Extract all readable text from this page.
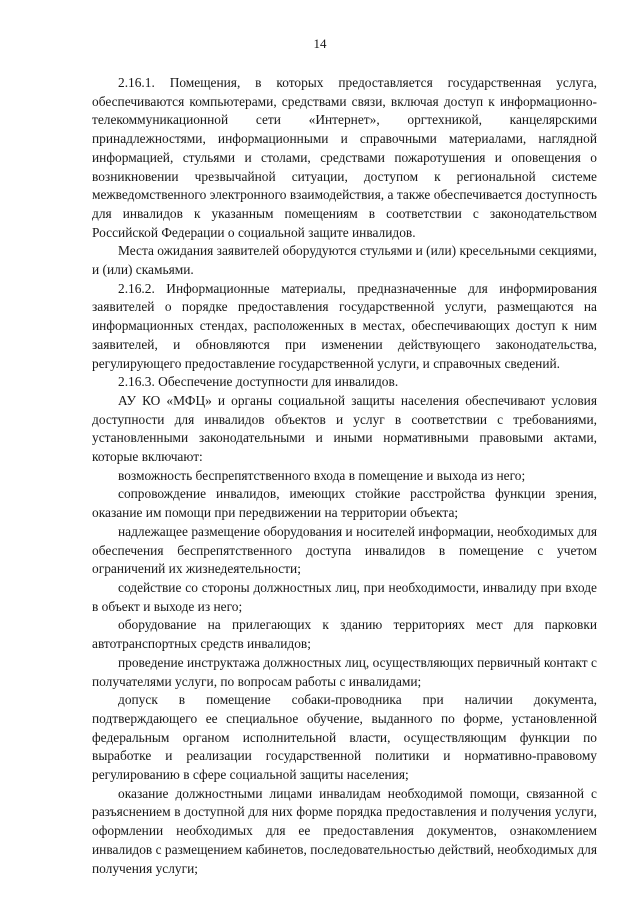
14

2.16.1. Помещения, в которых предоставляется государственная услуга, обеспечиваются компьютерами, средствами связи, включая доступ к информационно-телекоммуникационной сети «Интернет», оргтехникой, канцелярскими принадлежностями, информационными и справочными материалами, наглядной информацией, стульями и столами, средствами пожаротушения и оповещения о возникновении чрезвычайной ситуации, доступом к региональной системе межведомственного электронного взаимодействия, а также обеспечивается доступность для инвалидов к указанным помещениям в соответствии с законодательством Российской Федерации о социальной защите инвалидов.

Места ожидания заявителей оборудуются стульями и (или) кресельными секциями, и (или) скамьями.

2.16.2. Информационные материалы, предназначенные для информирования заявителей о порядке предоставления государственной услуги, размещаются на информационных стендах, расположенных в местах, обеспечивающих доступ к ним заявителей, и обновляются при изменении действующего законодательства, регулирующего предоставление государственной услуги, и справочных сведений.

2.16.3. Обеспечение доступности для инвалидов.

АУ КО «МФЦ» и органы социальной защиты населения обеспечивают условия доступности для инвалидов объектов и услуг в соответствии с требованиями, установленными законодательными и иными нормативными правовыми актами, которые включают:

возможность беспрепятственного входа в помещение и выхода из него;

сопровождение инвалидов, имеющих стойкие расстройства функции зрения, оказание им помощи при передвижении на территории объекта;

надлежащее размещение оборудования и носителей информации, необходимых для обеспечения беспрепятственного доступа инвалидов в помещение с учетом ограничений их жизнедеятельности;

содействие со стороны должностных лиц, при необходимости, инвалиду при входе в объект и выходе из него;

оборудование на прилегающих к зданию территориях мест для парковки автотранспортных средств инвалидов;

проведение инструктажа должностных лиц, осуществляющих первичный контакт с получателями услуги, по вопросам работы с инвалидами;

допуск в помещение собаки-проводника при наличии документа, подтверждающего ее специальное обучение, выданного по форме, установленной федеральным органом исполнительной власти, осуществляющим функции по выработке и реализации государственной политики и нормативно-правовому регулированию в сфере социальной защиты населения;

оказание должностными лицами инвалидам необходимой помощи, связанной с разъяснением в доступной для них форме порядка предоставления и получения услуги, оформлении необходимых для ее предоставления документов, ознакомлением инвалидов с размещением кабинетов, последовательностью действий, необходимых для получения услуги;
